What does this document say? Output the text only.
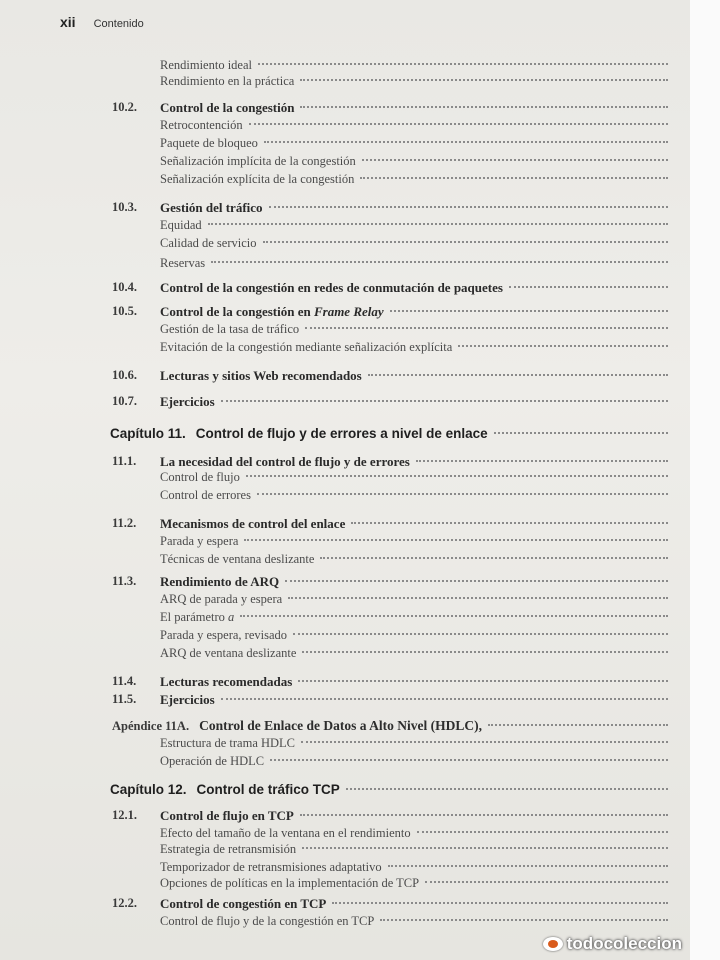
xii Contenido
Rendimiento ideal
Rendimiento en la práctica
10.2.	Control de la congestión
Retrocontención
Paquete de bloqueo
Señalización implícita de la congestión
Señalización explícita de la congestión
10.3.	Gestión del tráfico
Equidad
Calidad de servicio
Reservas
10.4.	Control de la congestión en redes de conmutación de paquetes
10.5.	Control de la congestión en Frame Relay
Gestión de la tasa de tráfico
Evitación de la congestión mediante señalización explícita
10.6.	Lecturas y sitios Web recomendados
10.7.	Ejercicios
Capítulo 11. Control de flujo y de errores a nivel de enlace
11.1.	La necesidad del control de flujo y de errores
Control de flujo
Control de errores
11.2.	Mecanismos de control del enlace
Parada y espera
Técnicas de ventana deslizante
11.3.	Rendimiento de ARQ
ARQ de parada y espera
El parámetro a
Parada y espera, revisado
ARQ de ventana deslizante
11.4.	Lecturas recomendadas
11.5.	Ejercicios
Apéndice 11A. Control de Enlace de Datos a Alto Nivel (HDLC),
Estructura de trama HDLC
Operación de HDLC
Capítulo 12. Control de tráfico TCP
12.1.	Control de flujo en TCP
Efecto del tamaño de la ventana en el rendimiento
Estrategia de retransmisión
Temporizador de retransmisiones adaptativo
Opciones de políticas en la implementación de TCP
12.2.	Control de congestión en TCP
Control de flujo y de la congestión en TCP
todocoleccion
